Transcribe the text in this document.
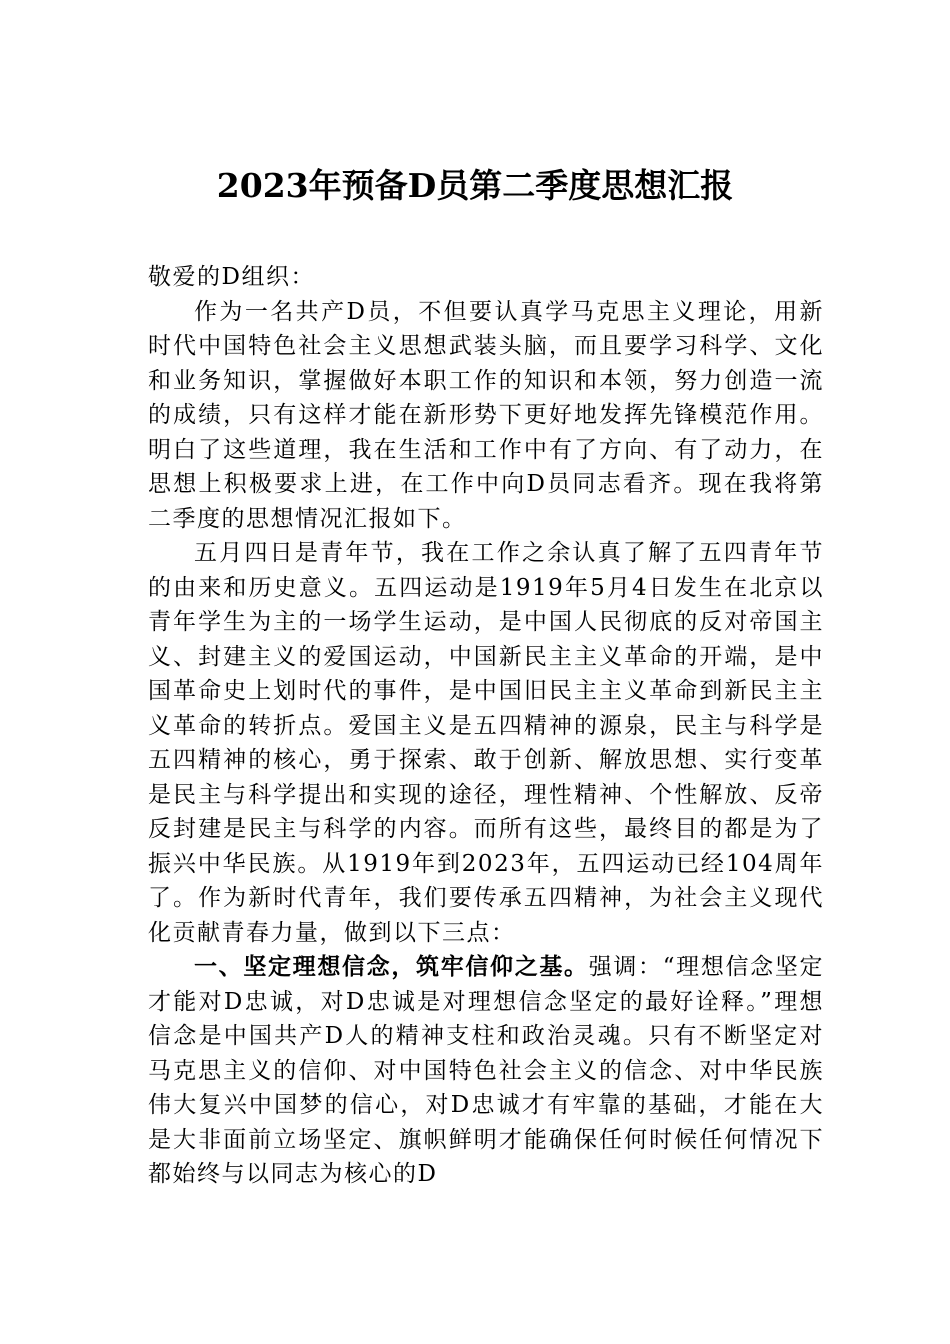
2023年预备D员第二季度思想汇报

敬爱的D组织：

作为一名共产D员，不但要认真学马克思主义理论，用新时代中国特色社会主义思想武装头脑，而且要学习科学、文化和业务知识，掌握做好本职工作的知识和本领，努力创造一流的成绩，只有这样才能在新形势下更好地发挥先锋模范作用。明白了这些道理，我在生活和工作中有了方向、有了动力，在思想上积极要求上进，在工作中向D员同志看齐。现在我将第二季度的思想情况汇报如下。

五月四日是青年节，我在工作之余认真了解了五四青年节的由来和历史意义。五四运动是1919年5月4日发生在北京以青年学生为主的一场学生运动，是中国人民彻底的反对帝国主义、封建主义的爱国运动，中国新民主主义革命的开端，是中国革命史上划时代的事件，是中国旧民主主义革命到新民主主义革命的转折点。爱国主义是五四精神的源泉，民主与科学是五四精神的核心，勇于探索、敢于创新、解放思想、实行变革是民主与科学提出和实现的途径，理性精神、个性解放、反帝反封建是民主与科学的内容。而所有这些，最终目的都是为了振兴中华民族。从1919年到2023年，五四运动已经104周年了。作为新时代青年，我们要传承五四精神，为社会主义现代化贡献青春力量，做到以下三点：

一、坚定理想信念，筑牢信仰之基。强调：“理想信念坚定才能对D忠诚，对D忠诚是对理想信念坚定的最好诠释。”理想信念是中国共产D人的精神支柱和政治灵魂。只有不断坚定对马克思主义的信仰、对中国特色社会主义的信念、对中华民族伟大复兴中国梦的信心，对D忠诚才有牢靠的基础，才能在大是大非面前立场坚定、旗帜鲜明才能确保任何时候任何情况下都始终与以同志为核心的D
